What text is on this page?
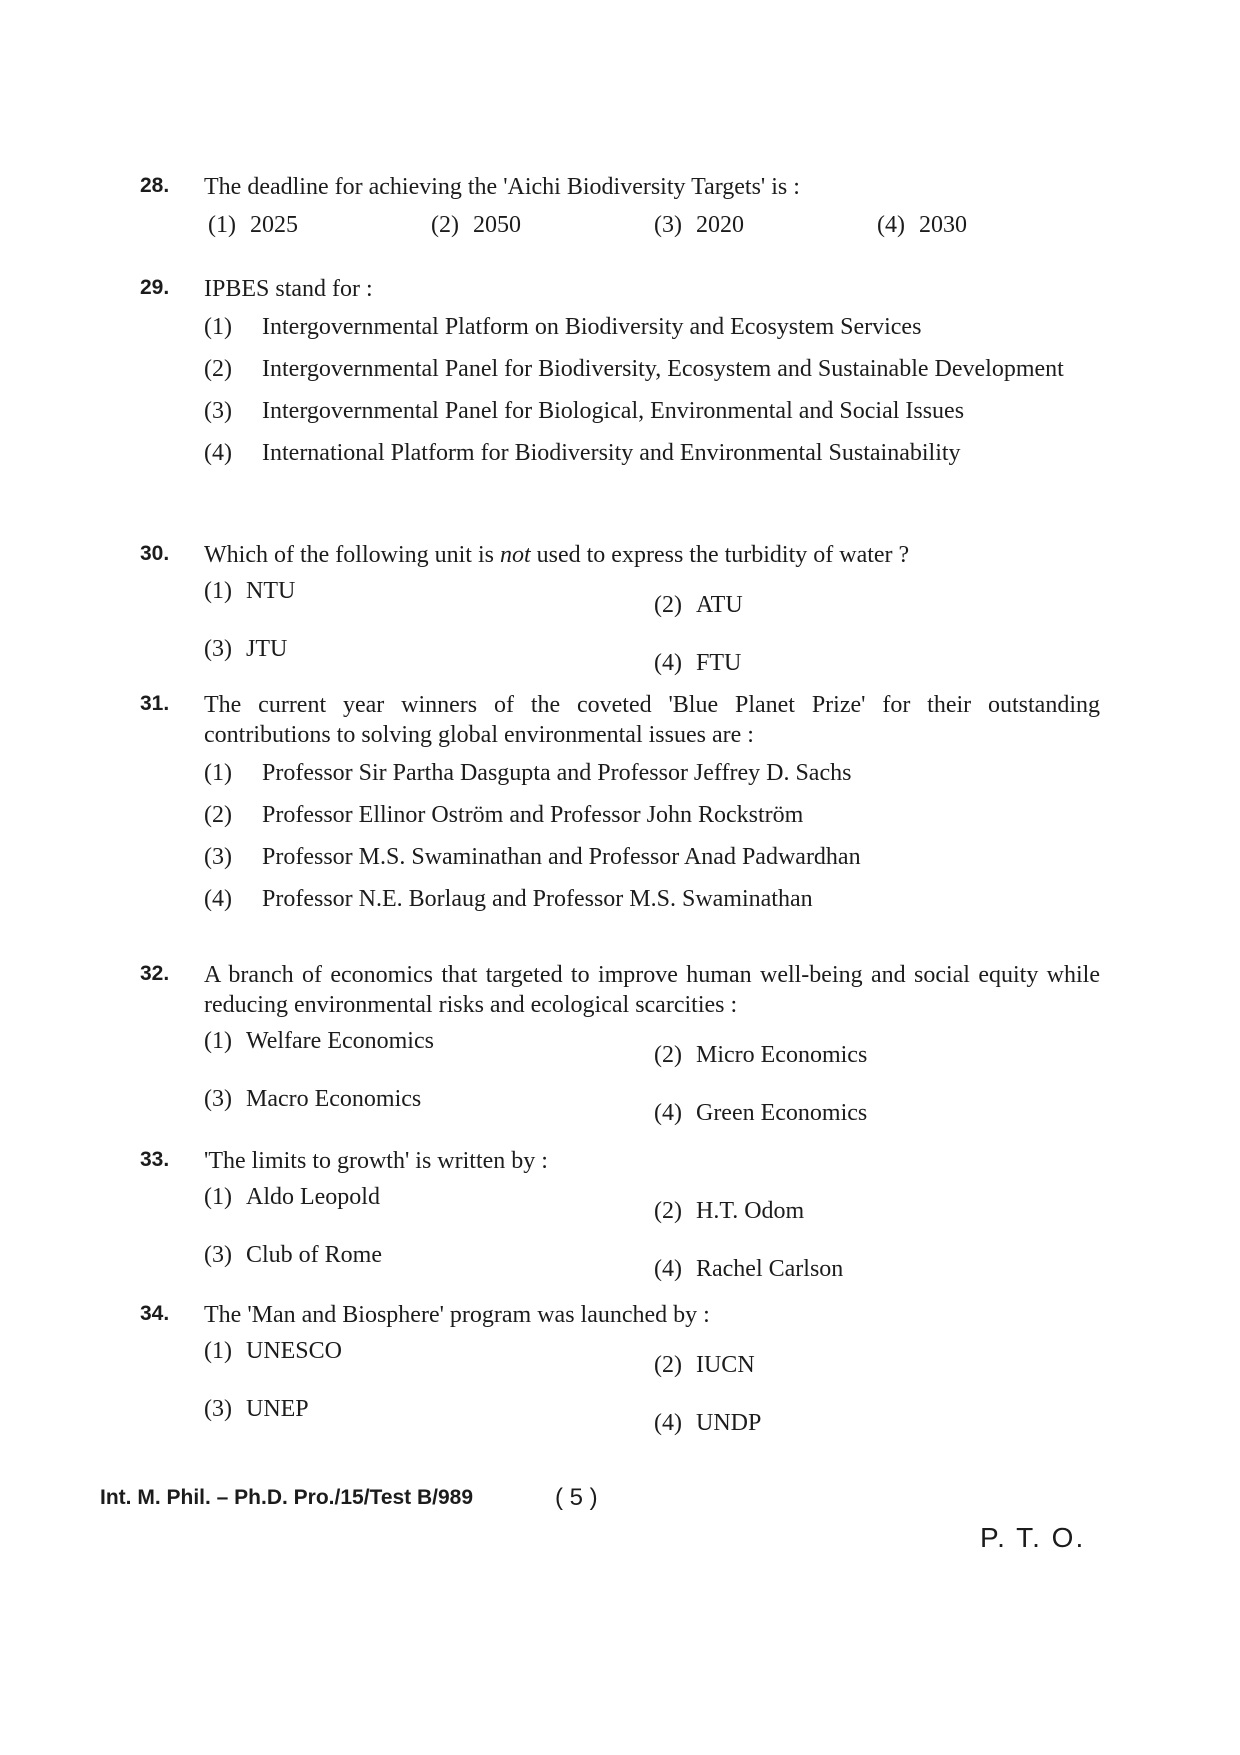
28. The deadline for achieving the 'Aichi Biodiversity Targets' is :
(1) 2025	(2) 2050	(3) 2020	(4) 2030
29. IPBES stand for :
(1)	Intergovernmental Platform on Biodiversity and Ecosystem Services
(2)	Intergovernmental Panel for Biodiversity, Ecosystem and Sustainable Development
(3)	Intergovernmental Panel for Biological, Environmental and Social Issues
(4)	International Platform for Biodiversity and Environmental Sustainability
30. Which of the following unit is not used to express the turbidity of water ?
(1) NTU
(2) ATU
(3) JTU
(4) FTU
31. The current year winners of the coveted 'Blue Planet Prize' for their outstanding contributions to solving global environmental issues are :
(1)	Professor Sir Partha Dasgupta and Professor Jeffrey D. Sachs
(2)	Professor Ellinor Oström and Professor John Rockström
(3)	Professor M.S. Swaminathan and Professor Anad Padwardhan
(4)	Professor N.E. Borlaug and Professor M.S. Swaminathan
32. A branch of economics that targeted to improve human well-being and social equity while reducing environmental risks and ecological scarcities :
(1) Welfare Economics
(2) Micro Economics
(3) Macro Economics
(4) Green Economics
33. 'The limits to growth' is written by :
(1) Aldo Leopold
(2) H.T. Odom
(3) Club of Rome
(4) Rachel Carlson
34. The 'Man and Biosphere' program was launched by :
(1) UNESCO
(2) IUCN
(3) UNEP
(4) UNDP
Int. M. Phil. – Ph.D. Pro./15/Test B/989	( 5 )
P. T. O.
